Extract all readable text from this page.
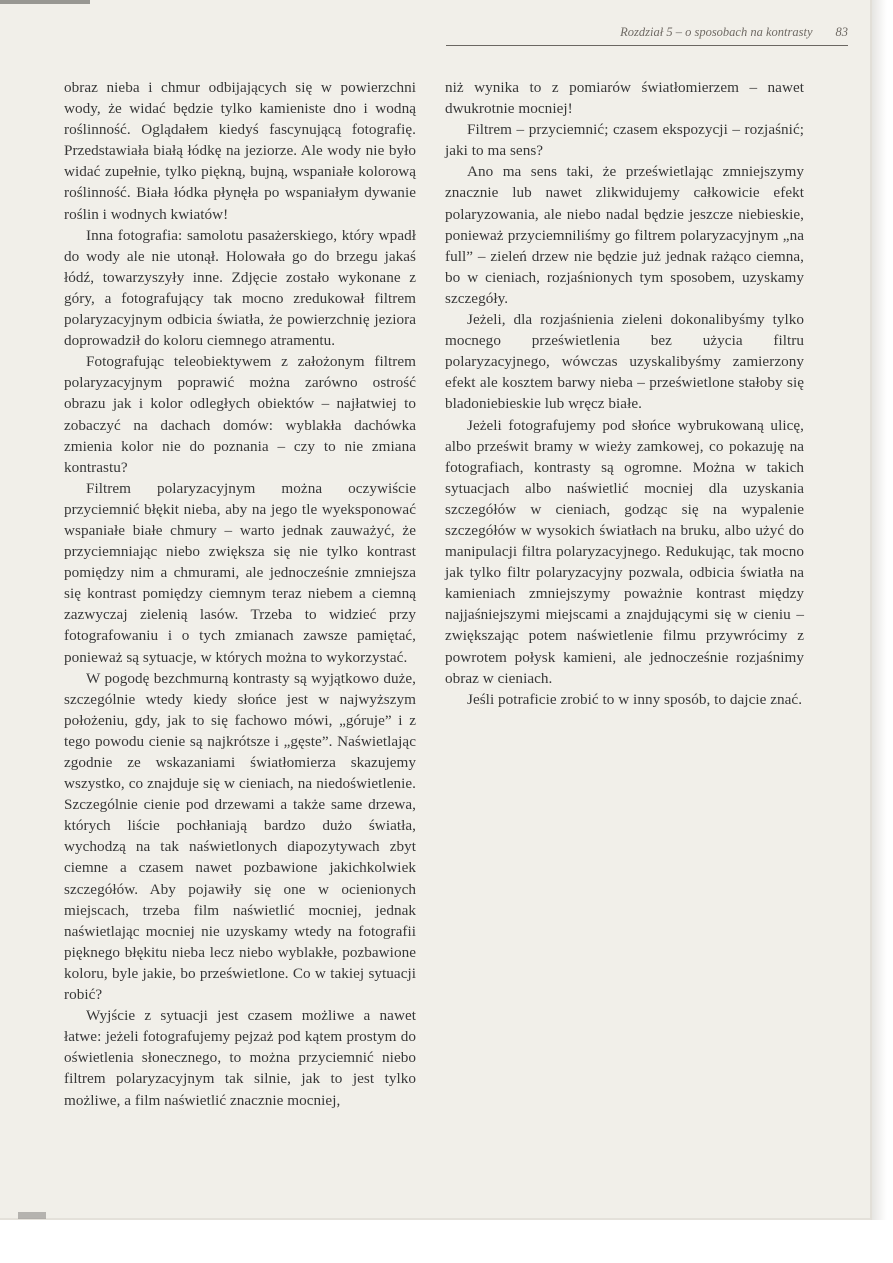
Rozdział 5 – o sposobach na kontrasty 83

obraz nieba i chmur odbijających się w powierzchni wody, że widać będzie tylko kamieniste dno i wodną roślinność. Oglądałem kiedyś fascynującą fotografię. Przedstawiała białą łódkę na jeziorze. Ale wody nie było widać zupełnie, tylko piękną, bujną, wspaniałe kolorową roślinność. Biała łódka płynęła po wspaniałym dywanie roślin i wodnych kwiatów!

Inna fotografia: samolotu pasażerskiego, który wpadł do wody ale nie utonął. Holowała go do brzegu jakaś łódź, towarzyszyły inne. Zdjęcie zostało wykonane z góry, a fotografujący tak mocno zredukował filtrem polaryzacyjnym odbicia światła, że powierzchnię jeziora doprowadził do koloru ciemnego atramentu.

Fotografując teleobiektywem z założonym filtrem polaryzacyjnym poprawić można zarówno ostrość obrazu jak i kolor odległych obiektów – najłatwiej to zobaczyć na dachach domów: wyblakła dachówka zmienia kolor nie do poznania – czy to nie zmiana kontrastu?

Filtrem polaryzacyjnym można oczywiście przyciemnić błękit nieba, aby na jego tle wyeksponować wspaniałe białe chmury – warto jednak zauważyć, że przyciemniając niebo zwiększa się nie tylko kontrast pomiędzy nim a chmurami, ale jednocześnie zmniejsza się kontrast pomiędzy ciemnym teraz niebem a ciemną zazwyczaj zielenią lasów. Trzeba to widzieć przy fotografowaniu i o tych zmianach zawsze pamiętać, ponieważ są sytuacje, w których można to wykorzystać.

W pogodę bezchmurną kontrasty są wyjątkowo duże, szczególnie wtedy kiedy słońce jest w najwyższym położeniu, gdy, jak to się fachowo mówi, „góruje” i z tego powodu cienie są najkrótsze i „gęste”. Naświetlając zgodnie ze wskazaniami światłomierza skazujemy wszystko, co znajduje się w cieniach, na niedoświetlenie. Szczególnie cienie pod drzewami a także same drzewa, których liście pochłaniają bardzo dużo światła, wychodzą na tak naświetlonych diapozytywach zbyt ciemne a czasem nawet pozbawione jakichkolwiek szczegółów. Aby pojawiły się one w ocienionych miejscach, trzeba film naświetlić mocniej, jednak naświetlając mocniej nie uzyskamy wtedy na fotografii pięknego błękitu nieba lecz niebo wyblakłe, pozbawione koloru, byle jakie, bo prześwietlone. Co w takiej sytuacji robić?

Wyjście z sytuacji jest czasem możliwe a nawet łatwe: jeżeli fotografujemy pejzaż pod kątem prostym do oświetlenia słonecznego, to można przyciemnić niebo filtrem polaryzacyjnym tak silnie, jak to jest tylko możliwe, a film naświetlić znacznie mocniej,

niż wynika to z pomiarów światłomierzem – nawet dwukrotnie mocniej!

Filtrem – przyciemnić; czasem ekspozycji – rozjaśnić; jaki to ma sens?

Ano ma sens taki, że prześwietlając zmniejszymy znacznie lub nawet zlikwidujemy całkowicie efekt polaryzowania, ale niebo nadal będzie jeszcze niebieskie, ponieważ przyciemniliśmy go filtrem polaryzacyjnym „na full” – zieleń drzew nie będzie już jednak rażąco ciemna, bo w cieniach, rozjaśnionych tym sposobem, uzyskamy szczegóły.

Jeżeli, dla rozjaśnienia zieleni dokonalibyśmy tylko mocnego prześwietlenia bez użycia filtru polaryzacyjnego, wówczas uzyskalibyśmy zamierzony efekt ale kosztem barwy nieba – prześwietlone stałoby się bladoniebieskie lub wręcz białe.

Jeżeli fotografujemy pod słońce wybrukowaną ulicę, albo prześwit bramy w wieży zamkowej, co pokazuję na fotografiach, kontrasty są ogromne. Można w takich sytuacjach albo naświetlić mocniej dla uzyskania szczegółów w cieniach, godząc się na wypalenie szczegółów w wysokich światłach na bruku, albo użyć do manipulacji filtra polaryzacyjnego. Redukując, tak mocno jak tylko filtr polaryzacyjny pozwala, odbicia światła na kamieniach zmniejszymy poważnie kontrast między najjaśniejszymi miejscami a znajdującymi się w cieniu – zwiększając potem naświetlenie filmu przywrócimy z powrotem połysk kamieni, ale jednocześnie rozjaśnimy obraz w cieniach.

Jeśli potraficie zrobić to w inny sposób, to dajcie znać.
